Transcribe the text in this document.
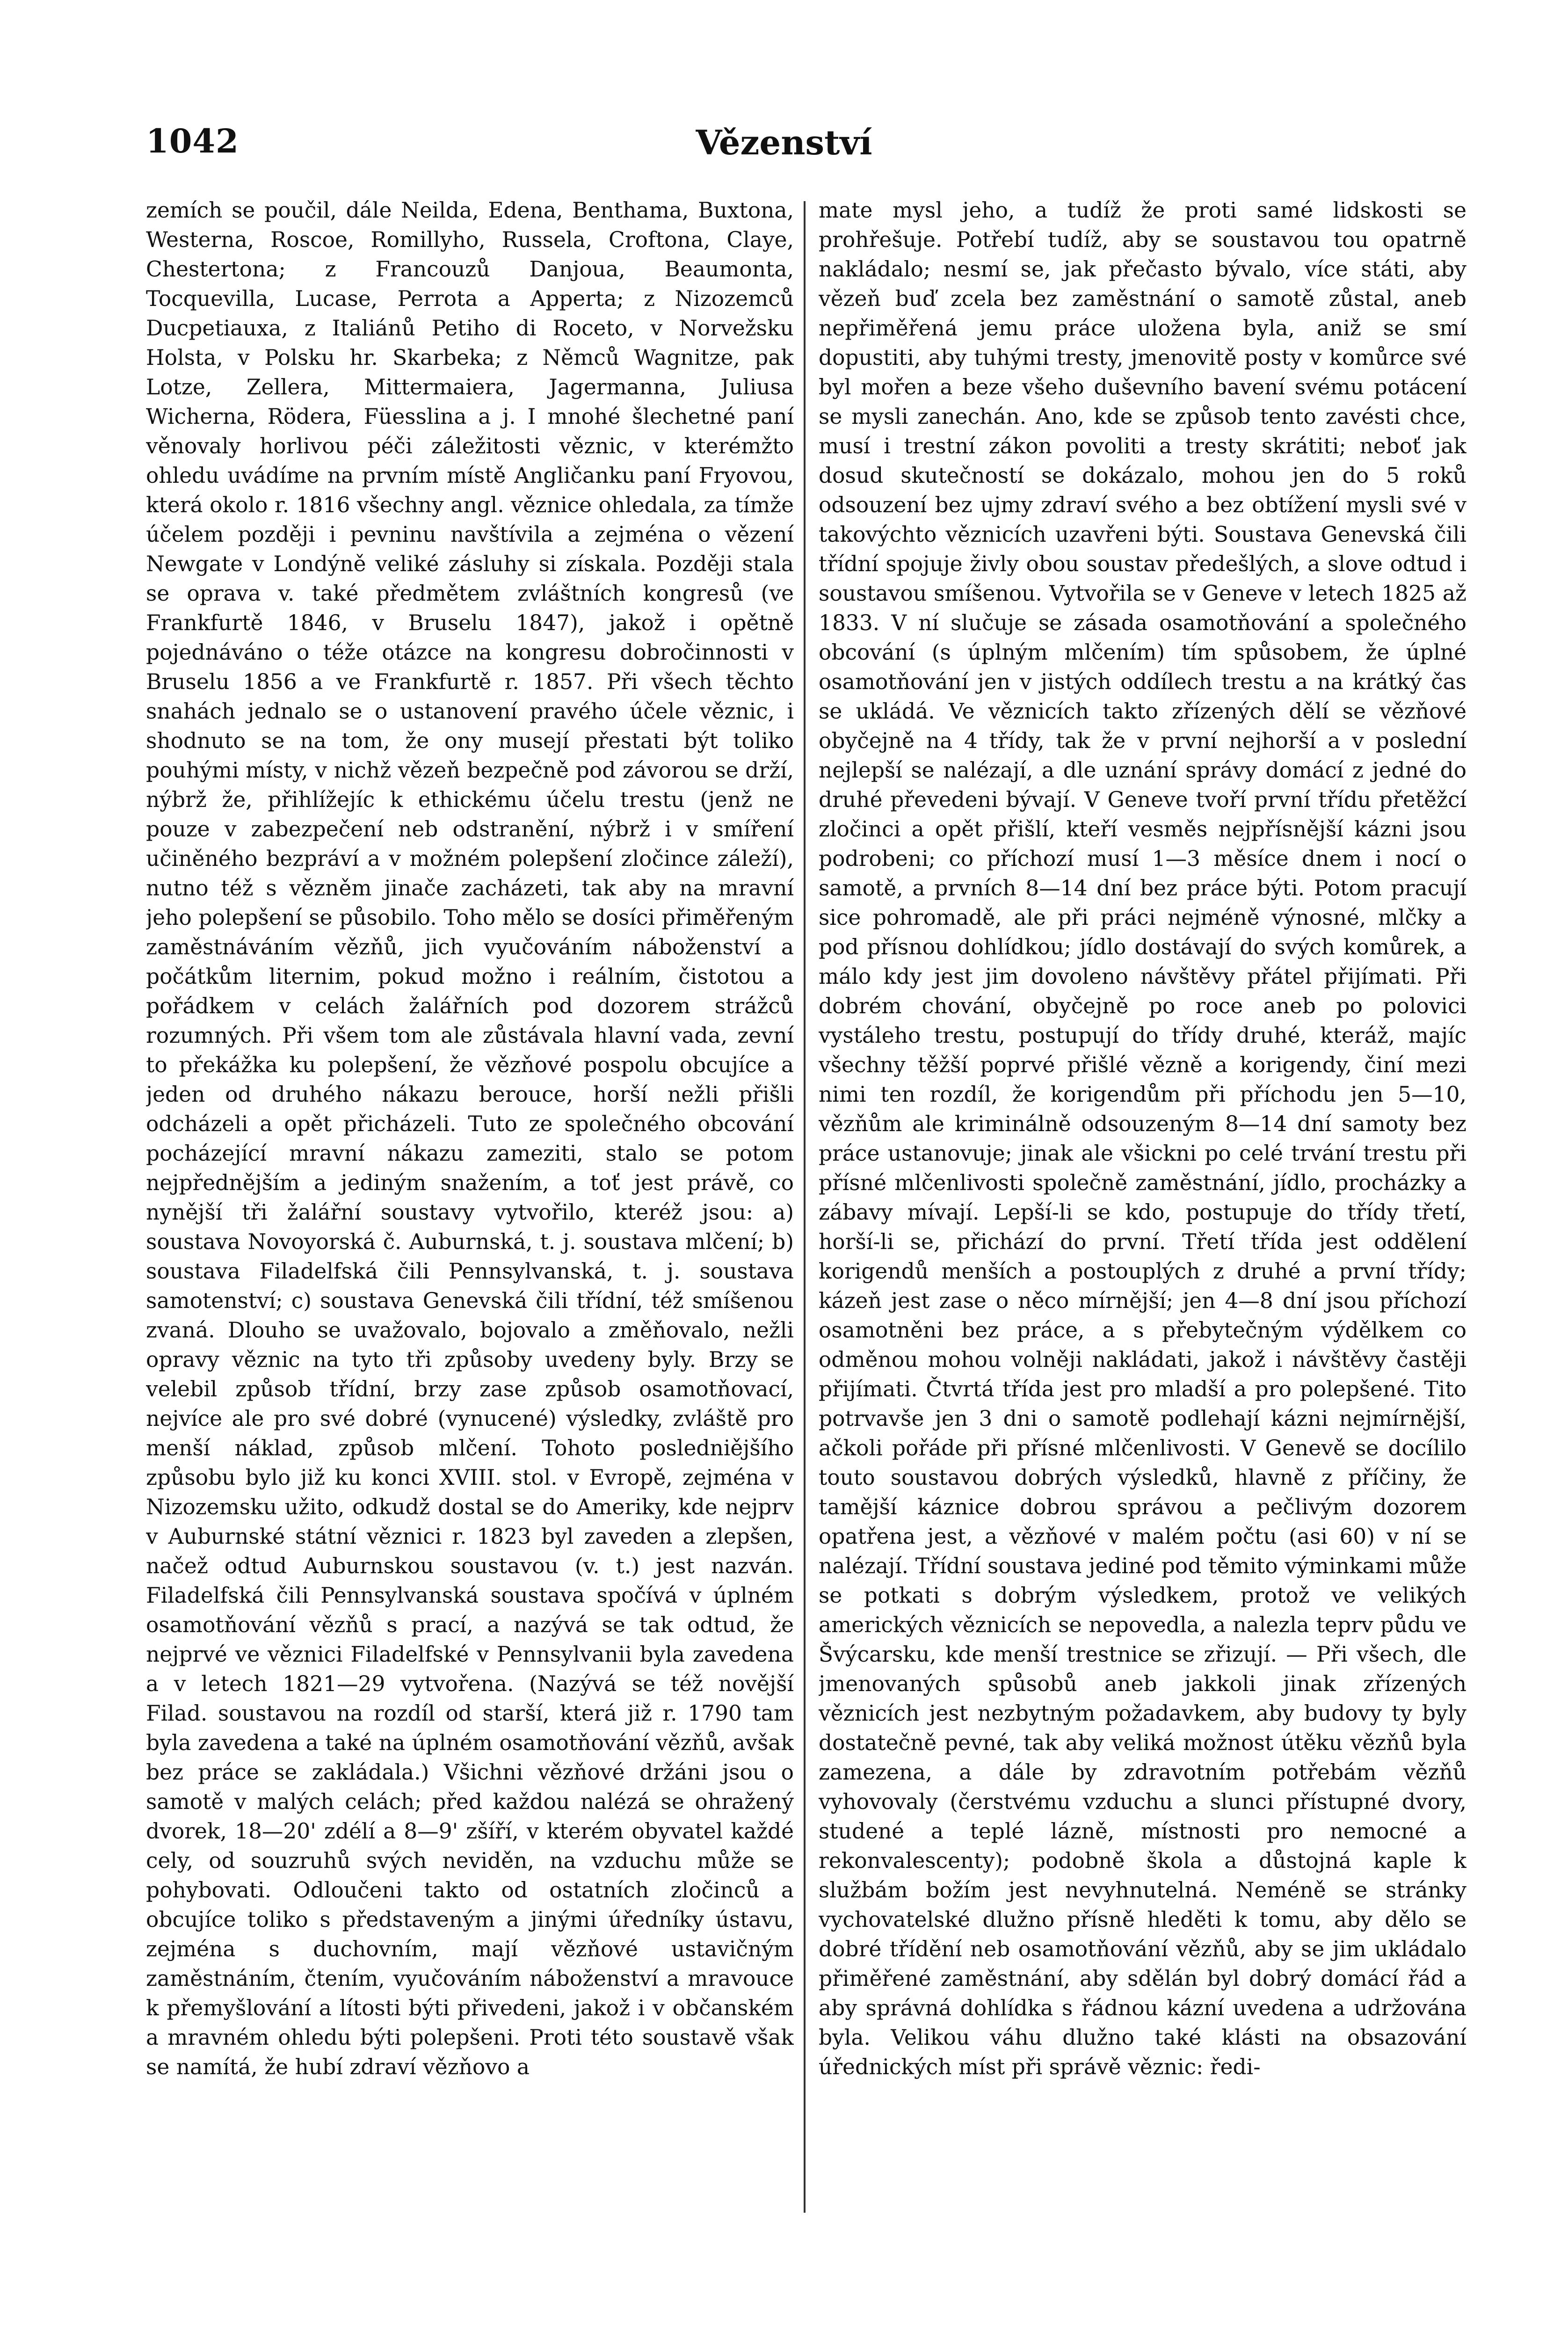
1042	Vězenství

zemích se poučil, dále Neilda, Edena, Benthama, Buxtona, Westerna, Roscoe, Romillyho, Russela, Croftona, Claye, Chestertona; z Francouzů Danjoua, Beaumonta, Tocquevilla, Lucase, Perrota a Apperta; z Nizozemců Ducpetiauxa, z Italiánů Petiho di Roceto, v Norvežsku Holsta, v Polsku hr. Skarbeka; z Němců Wagnitze, pak Lotze, Zellera, Mittermaiera, Jagermanna, Juliusa Wicherna, Rödera, Füesslina a j. I mnohé šlechetné paní věnovaly horlivou péči záležitosti věznic, v kterémžto ohledu uvádíme na prvním místě Angličanku paní Fryovou, která okolo r. 1816 všechny angl. věznice ohledala, za tímže účelem později i pevninu navštívila a zejména o vězení Newgate v Londýně veliké zásluhy si získala. Později stala se oprava v. také předmětem zvláštních kongresů (ve Frankfurtě 1846, v Bruselu 1847), jakož i opětně pojednáváno o téže otázce na kongresu dobročinnosti v Bruselu 1856 a ve Frankfurtě r. 1857. Při všech těchto snahách jednalo se o ustanovení pravého účele věznic, i shodnuto se na tom, že ony musejí přestati být toliko pouhými místy, v nichž vězeň bezpečně pod závorou se drží, nýbrž že, přihlížejíc k ethickému účelu trestu (jenž ne pouze v zabezpečení neb odstranění, nýbrž i v smíření učiněného bezpráví a v možném polepšení zločince záleží), nutno též s vězněm jinače zacházeti, tak aby na mravní jeho polepšení se působilo. Toho mělo se dosíci přiměřeným zaměstnáváním vězňů, jich vyučováním náboženství a počátkům liternim, pokud možno i reálním, čistotou a pořádkem v celách žalářních pod dozorem strážců rozumných. Při všem tom ale zůstávala hlavní vada, zevní to překážka ku polepšení, že vězňové pospolu obcujíce a jeden od druhého nákazu berouce, horší nežli přišli odcházeli a opět přicházeli. Tuto ze společného obcování pocházející mravní nákazu zameziti, stalo se potom nejpřednějším a jediným snažením, a toť jest právě, co nynější tři žalářní soustavy vytvořilo, kteréž jsou: a) soustava Novoyorská č. Auburnská, t. j. soustava mlčení; b) soustava Filadelfská čili Pennsylvanská, t. j. soustava samotenství; c) soustava Genevská čili třídní, též smíšenou zvaná. Dlouho se uvažovalo, bojovalo a změňovalo, nežli opravy věznic na tyto tři způsoby uvedeny byly. Brzy se velebil způsob třídní, brzy zase způsob osamotňovací, nejvíce ale pro své dobré (vynucené) výsledky, zvláště pro menší náklad, způsob mlčení. Tohoto posledniějšího způsobu bylo již ku konci XVIII. stol. v Evropě, zejména v Nizozemsku užito, odkudž dostal se do Ameriky, kde nejprv v Auburnské státní věznici r. 1823 byl zaveden a zlepšen, načež odtud Auburnskou soustavou (v. t.) jest nazván. Filadelfská čili Pennsylvanská soustava spočívá v úplném osamotňování vězňů s prací, a nazývá se tak odtud, že nejprvé ve věznici Filadelfské v Pennsylvanii byla zavedena a v letech 1821—29 vytvořena. (Nazývá se též novější Filad. soustavou na rozdíl od starší, která již r. 1790 tam byla zavedena a také na úplném osamotňování vězňů, avšak bez práce se zakládala.) Všichni vězňové držáni jsou o samotě v malých celách; před každou nalézá se ohražený dvorek, 18—20' zdélí a 8—9' zšíří, v kterém obyvatel každé cely, od souzruhů svých neviděn, na vzduchu může se pohybovati. Odloučeni takto od ostatních zločinců a obcujíce toliko s představeným a jinými úředníky ústavu, zejména s duchovním, mají vězňové ustavičným zaměstnáním, čtením, vyučováním náboženství a mravouce k přemyšlování a lítosti býti přivedeni, jakož i v občanském a mravném ohledu býti polepšeni. Proti této soustavě však se namítá, že hubí zdraví vězňovo a

mate mysl jeho, a tudíž že proti samé lidskosti se prohřešuje. Potřebí tudíž, aby se soustavou tou opatrně nakládalo; nesmí se, jak přečasto bývalo, více státi, aby vězeň buď zcela bez zaměstnání o samotě zůstal, aneb nepřiměřená jemu práce uložena byla, aniž se smí dopustiti, aby tuhými tresty, jmenovitě posty v komůrce své byl mořen a beze všeho duševního bavení svému potácení se mysli zanechán. Ano, kde se způsob tento zavésti chce, musí i trestní zákon povoliti a tresty skrátiti; neboť jak dosud skutečností se dokázalo, mohou jen do 5 roků odsouzení bez ujmy zdraví svého a bez obtížení mysli své v takovýchto věznicích uzavřeni býti. Soustava Genevská čili třídní spojuje živly obou soustav předešlých, a slove odtud i soustavou smíšenou. Vytvořila se v Geneve v letech 1825 až 1833. V ní slučuje se zásada osamotňování a společného obcování (s úplným mlčením) tím spůsobem, že úplné osamotňování jen v jistých oddílech trestu a na krátký čas se ukládá. Ve věznicích takto zřízených dělí se vězňové obyčejně na 4 třídy, tak že v první nejhorší a v poslední nejlepší se nalézají, a dle uznání správy domácí z jedné do druhé převedeni bývají. V Geneve tvoří první třídu přetěžcí zločinci a opět přišlí, kteří vesměs nejpřísnější kázni jsou podrobeni; co příchozí musí 1—3 měsíce dnem i nocí o samotě, a prvních 8—14 dní bez práce býti. Potom pracují sice pohromadě, ale při práci nejméně výnosné, mlčky a pod přísnou dohlídkou; jídlo dostávají do svých komůrek, a málo kdy jest jim dovoleno návštěvy přátel přijímati. Při dobrém chování, obyčejně po roce aneb po polovici vystáleho trestu, postupují do třídy druhé, kteráž, majíc všechny těžší poprvé přišlé vězně a korigendy, činí mezi nimi ten rozdíl, že korigendům při příchodu jen 5—10, vězňům ale kriminálně odsouzeným 8—14 dní samoty bez práce ustanovuje; jinak ale všickni po celé trvání trestu při přísné mlčenlivosti společně zaměstnání, jídlo, procházky a zábavy mívají. Lepší-li se kdo, postupuje do třídy třetí, horší-li se, přichází do první. Třetí třída jest oddělení korigendů menších a postouplých z druhé a první třídy; kázeň jest zase o něco mírnější; jen 4—8 dní jsou příchozí osamotněni bez práce, a s přebytečným výdělkem co odměnou mohou volněji nakládati, jakož i návštěvy častěji přijímati. Čtvrtá třída jest pro mladší a pro polepšené. Tito potrvavše jen 3 dni o samotě podlehají kázni nejmírnější, ačkoli pořáde při přísné mlčenlivosti. V Genevě se docílilo touto soustavou dobrých výsledků, hlavně z příčiny, že tamější káznice dobrou správou a pečlivým dozorem opatřena jest, a vězňové v malém počtu (asi 60) v ní se nalézají. Třídní soustava jediné pod těmito výminkami může se potkati s dobrým výsledkem, protož ve velikých amerických věznicích se nepovedla, a nalezla teprv půdu ve Švýcarsku, kde menší trestnice se zřizují. — Při všech, dle jmenovaných spůsobů aneb jakkoli jinak zřízených věznicích jest nezbytným požadavkem, aby budovy ty byly dostatečně pevné, tak aby veliká možnost útěku vězňů byla zamezena, a dále by zdravotním potřebám vězňů vyhovovaly (čerstvému vzduchu a slunci přístupné dvory, studené a teplé lázně, místnosti pro nemocné a rekonvalescenty); podobně škola a důstojná kaple k službám božím jest nevyhnutelná. Neméně se stránky vychovatelské dlužno přísně hleděti k tomu, aby dělo se dobré třídění neb osamotňování vězňů, aby se jim ukládalo přiměřené zaměstnání, aby sdělán byl dobrý domácí řád a aby správná dohlídka s řádnou kázní uvedena a udržována byla. Velikou váhu dlužno také klásti na obsazování úřednických míst při správě věznic: ředi-
